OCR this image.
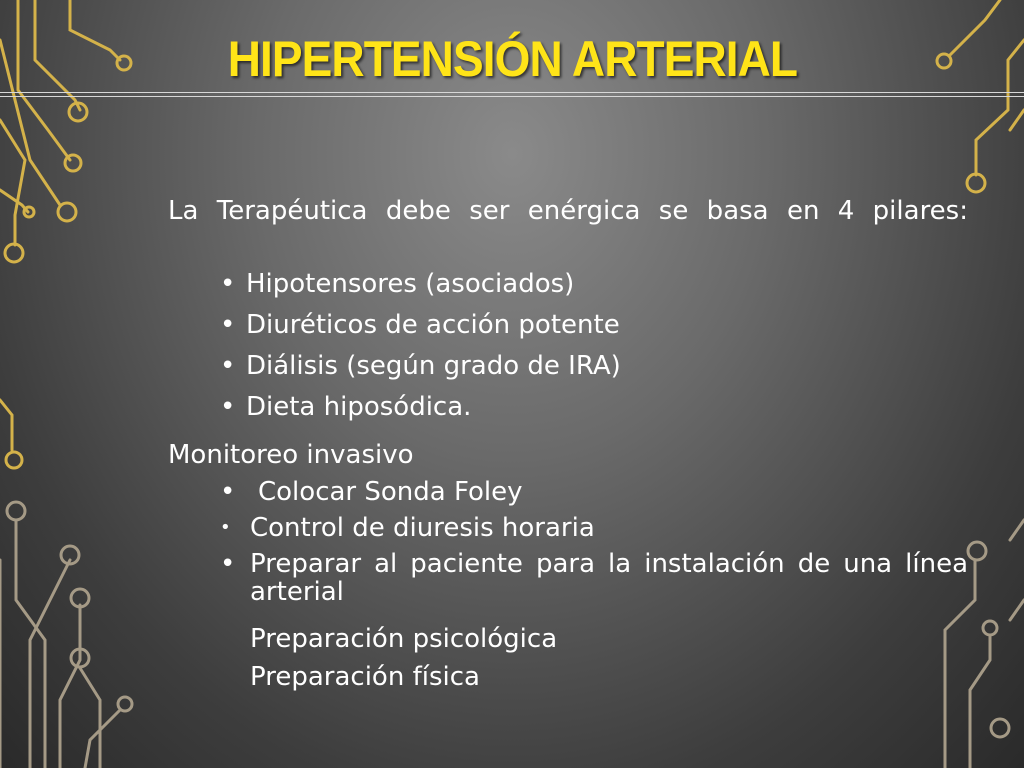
HIPERTENSIÓN ARTERIAL

La Terapéutica debe ser enérgica se basa en 4 pilares:

• Hipotensores (asociados)
• Diuréticos de acción potente
• Diálisis (según grado de IRA)
• Dieta hiposódica.
Monitoreo invasivo
• Colocar Sonda Foley
• Control de diuresis horaria
• Preparar al paciente para la instalación de una línea arterial
Preparación psicológica
Preparación física
